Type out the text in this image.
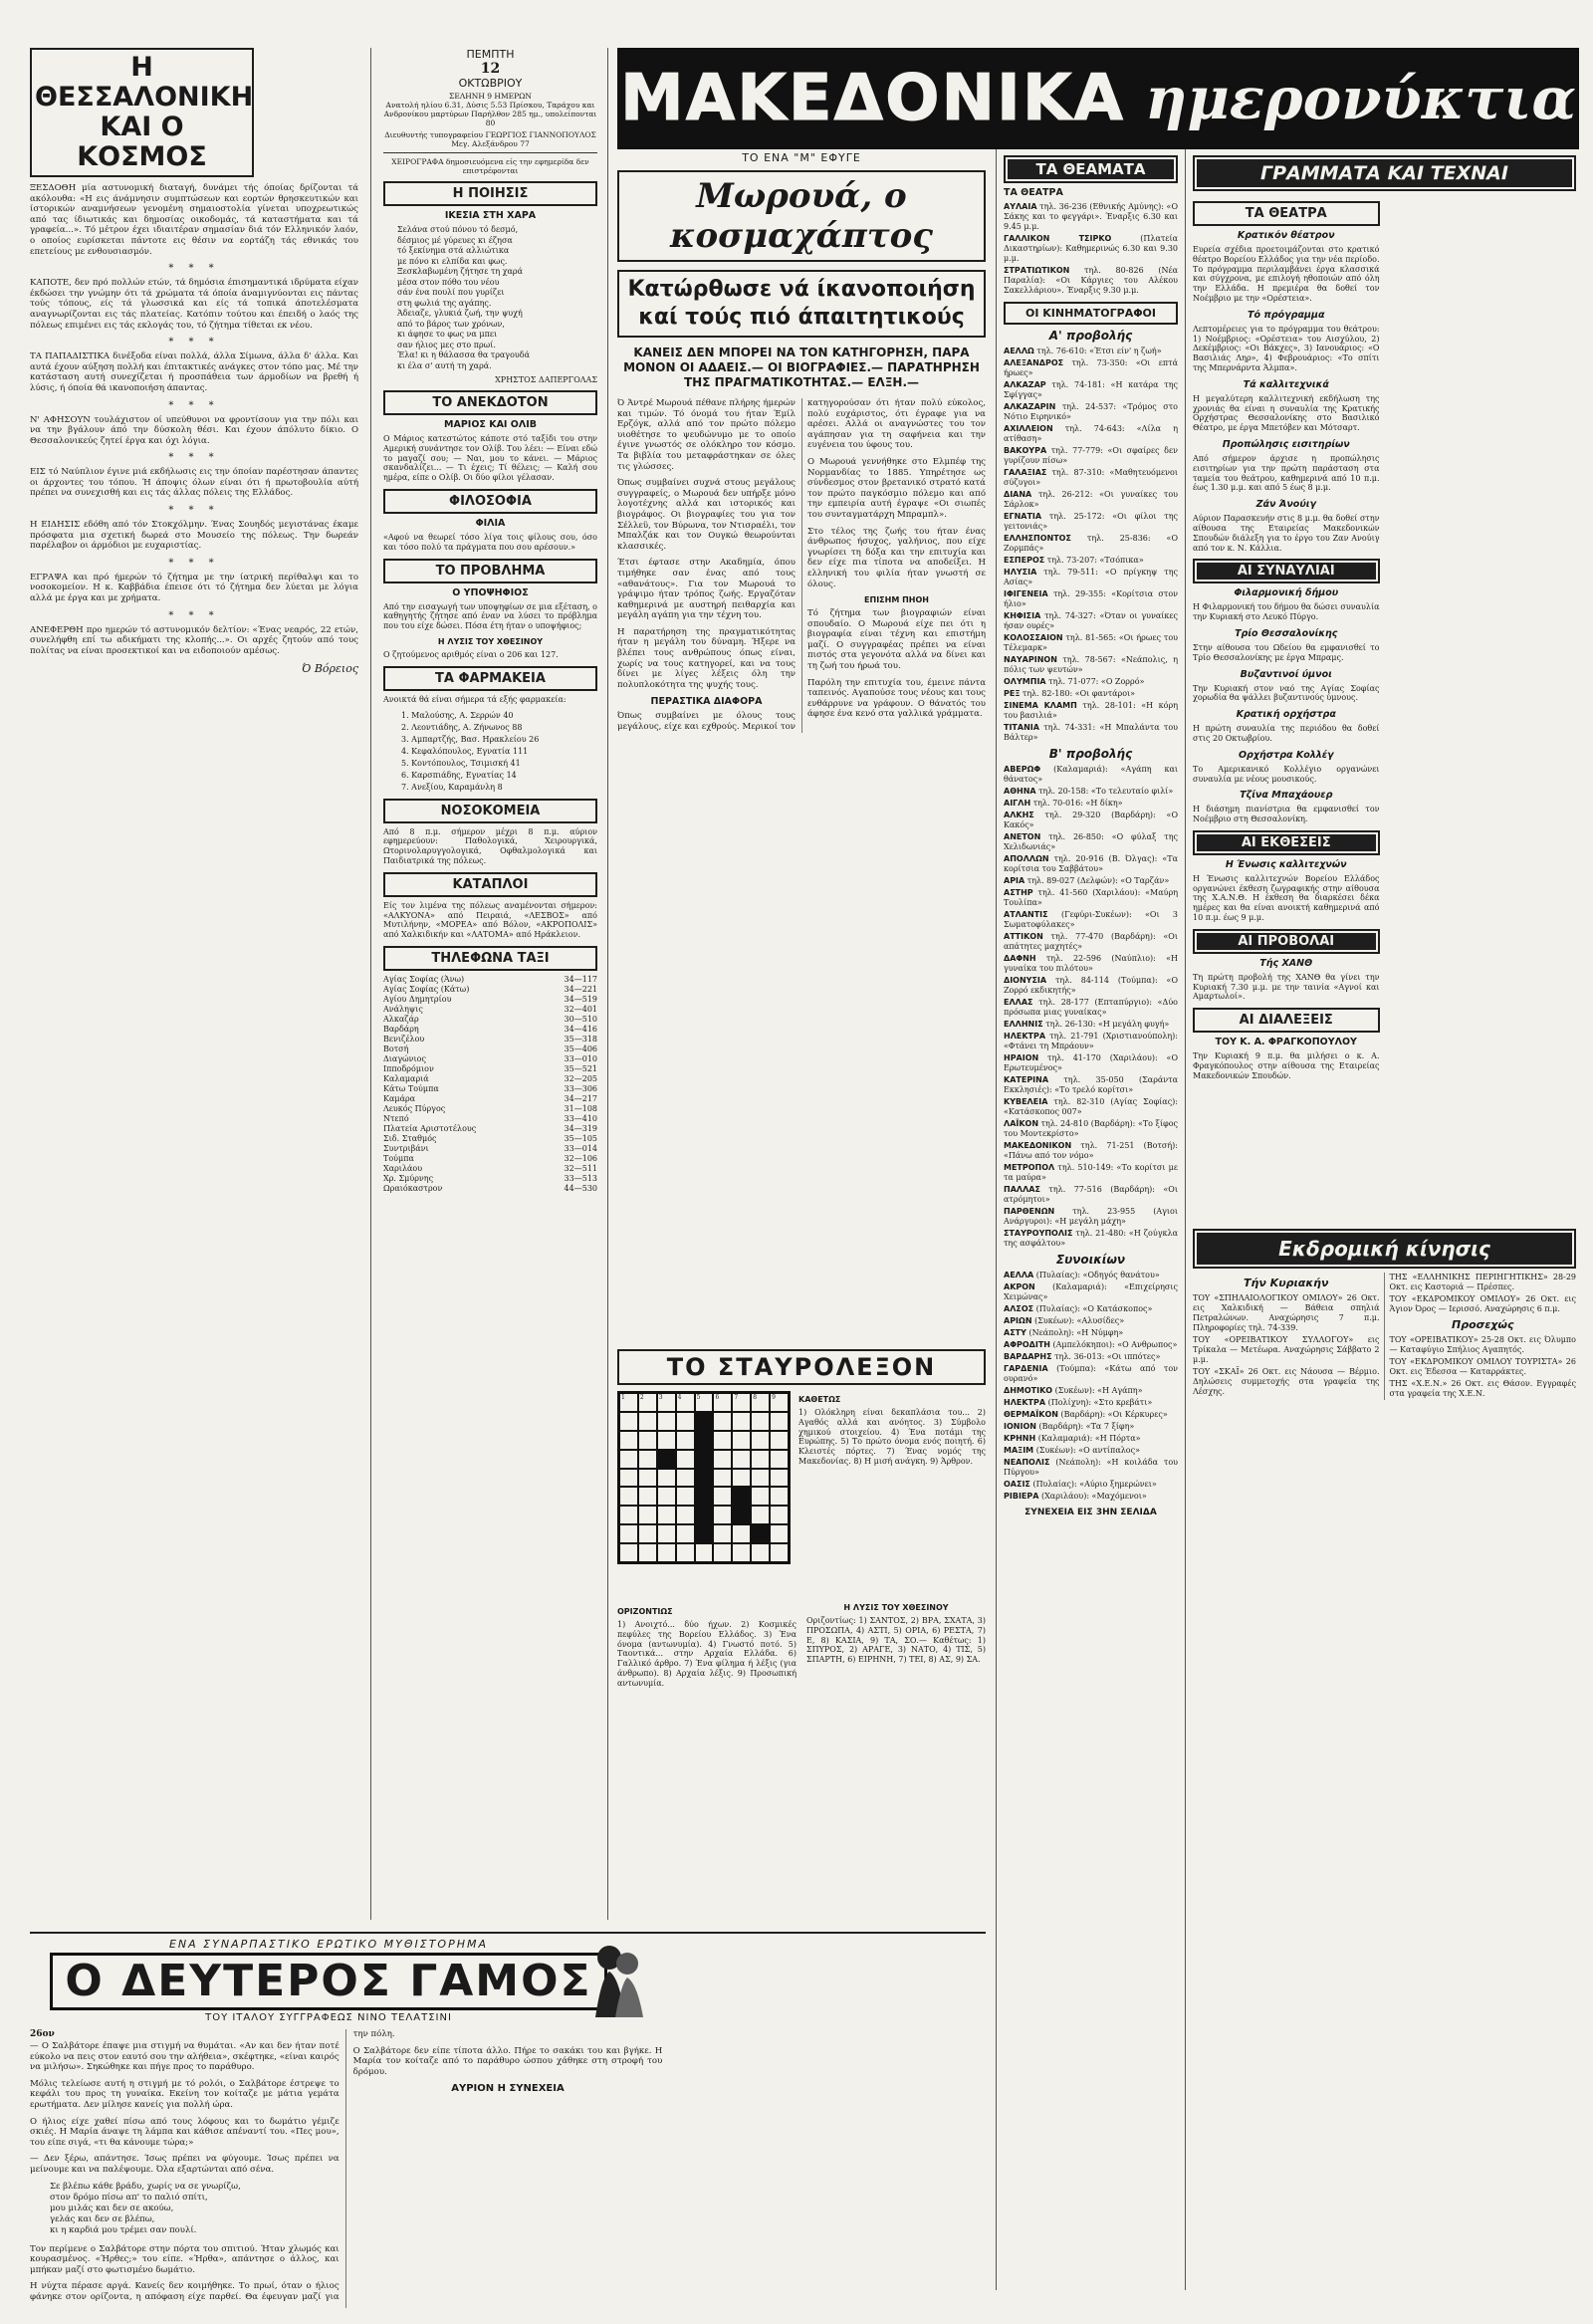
Η ΘΕΣΣΑΛΟΝΙΚΗ
ΚΑΙ Ο ΚΟΣΜΟΣ

ΞΕΣΔΟΘΗ μία αστυνομική διαταγή, δυνάμει τής όποίας δρίζονται τά ακόλουθα: «Η εις άνάμνησιν συμπτώσεων και εορτών θρησκευτικών και ίστορικών αναμνήσεων γενομένη σημαιοστολία γίνεται υποχρεωτικώς από τας ίδιωτικάς και δημοσίας οικοδομάς, τά καταστήματα και τά γραφεία...». Τό μέτρον έχει ιδιαιτέραν σημασίαν διά τόν Ελληνικόν λαόν, ο οποίος ευρίσκεται πάντοτε εις θέσιν να εορτάζη τάς εθνικάς του επετείους με ενθουσιασμόν.

* * *

ΚΑΠΟΤΕ, δεν πρό πολλών ετών, τά δημόσια έπισημαντικά ιδρύματα είχαν έκδώσει την γνώμην ότι τά χρώματα τά όποία άναμιγνύονται εις πάντας τούς τόπους, είς τά γλωσσικά και είς τά τοπικά άποτελέσματα αναγνωρίζονται εις τάς πλατείας. Κατόπιν τούτου και έπειδή ο λαός της πόλεως επιμένει εις τάς εκλογάς του, τό ζήτημα τίθεται εκ νέου.

* * *

ΤΑ ΠΑΠΑΔΙΣΤΙΚΑ δινέξοδα είναι πολλά, άλλα Σίμωνα, άλλα δ' άλλα. Και αυτά έχουν αύξηση πολλή και έπιτακτικές ανάγκες στον τόπο μας. Μέ την κατάσταση αυτή συνεχίζεται ή προσπάθεια των άρμοδίων να βρεθή ή λύσις, ή όποία θά ικανοποιήση άπαντας.

* * *

Ν' ΑΦΗΣΟΥΝ τουλάχιστον οί υπεύθυνοι να φροντίσουν για την πόλι και να την βγάλουν άπό την δύσκολη θέσι. Και έχουν άπόλυτο δίκιο. Ο Θεσσαλονικεύς ζητεί έργα και όχι λόγια.

* * *

ΕΙΣ τό Ναύπλιον έγινε μιά εκδήλωσις εις την όποίαν παρέστησαν άπαντες οι άρχοντες του τόπου. Ή άποψις όλων είναι ότι ή πρωτοβουλία αύτή πρέπει να συνεχισθή και εις τάς άλλας πόλεις της Ελλάδος.

* * *

Η ΕΙΔΗΣΙΣ εδόθη από τόν Στοκχόλμην. Ένας Σουηδός μεγιστάνας έκαμε πρόσφατα μια σχετική δωρεά στο Μουσείο της πόλεως. Την δωρεάν παρέλαβον οι άρμόδιοι με ευχαριστίας.

* * *

ΕΓΡΑΨΑ και πρό ήμερών τό ζήτημα με την ίατρική περίθαλψι και το νοσοκομείον. Η κ. Καββάδια έπεισε ότι τό ζήτημα δεν λύεται με λόγια αλλά με έργα και με χρήματα.

* * *

ΑΝΕΦΕΡΘΗ προ ημερών τό αστυνομικόν δελτίον: «Ένας νεαρός, 22 ετών, συνελήφθη επί τω αδικήματι της κλοπής...». Οι αρχές ζητούν από τους πολίτας να είναι προσεκτικοί και να ειδοποιούν αμέσως.

Ό Βόρειος
ΠΕΜΠΤΗ
12
ΟΚΤΩΒΡΙΟΥ
ΣΕΛΗΝΗ 9 ΗΜΕΡΩΝ
Ανατολή ηλίου 6.31, Δύσις 5.53 Πρίσκου, Ταράχου και Ανδρονίκου μαρτύρων Παρήλθον 285 ημ., υπολείπονται 80
Διευθυντής τυπογραφείου ΓΕΩΡΓΙΟΣ ΓΙΑΝΝΟΠΟΥΛΟΣ Μεγ. Αλεξάνδρου 77
ΧΕΙΡΟΓΡΑΦΑ δημοσιευόμενα είς την εφημερίδα δεν επιστρέφονται
Η ΠΟΙΗΣΙΣ
ΙΚΕΣΙΑ ΣΤΗ ΧΑΡΑ
Σελάνα στού πόνου τό δεσμό,
δέσμιος μέ γύρευες κι έζησα
τό ξεκίνημα στά αλλιώτικα
με πόνο κι ελπίδα και φως.
Ξεσκλαβωμένη ζήτησε τη χαρά
μέσα στον πόθο του νέου
σάν ένα πουλί που γυρίζει
στη φωλιά της αγάπης.
Άδειαζε, γλυκιά ζωή, την ψυχή
από το βάρος των χρόνων,
κι άφησε το φως να μπει
σαν ήλιος μες στο πρωί.
Έλα! κι η θάλασσα θα τραγουδά
κι έλα σ' αυτή τη χαρά.
ΧΡΗΣΤΟΣ ΔΑΠΕΡΓΟΛΑΣ
ΤΟ ΑΝΕΚΔΟΤΟΝ
ΜΑΡΙΟΣ ΚΑΙ ΟΛΙΒ

Ο Μάριος κατεστώτος κάποτε στό ταξίδι του στην Αμερική συνάντησε τον Ολίβ. Του λέει: — Είναι εδώ το μαγαζί σου; — Ναι, μου το κάνει. — Μάριος σκανδαλίζει... — Τι έχεις; Τί θέλεις; — Καλή σου ημέρα, είπε ο Ολίβ. Οι δύο φίλοι γέλασαν.

ΦΙΛΟΣΟΦΙΑ
ΦΙΛΙΑ

«Αφού να θεωρεί τόσο λίγα τοις φίλους σου, όσο και τόσο πολύ τα πράγματα που σου αρέσουν.»

ΤΟ ΠΡΟΒΛΗΜΑ
Ο ΥΠΟΨΗΦΙΟΣ

Από την εισαγωγή των υποψηφίων σε μια εξέταση, ο καθηγητής ζήτησε από έναν να λύσει το πρόβλημα που του είχε δώσει. Πόσα έτη ήταν ο υποψήφιος;

Η ΛΥΣΙΣ ΤΟΥ ΧΘΕΣΙΝΟΥ

Ο ζητούμενος αριθμός είναι ο 206 και 127.

ΤΑ ΦΑΡΜΑΚΕΙΑ

Ανοικτά θά είναι σήμερα τά εξής φαρμακεία:

1. Μαλούσης, Α. Σερρών 40
2. Λεοντιάδης, Α. Ζήνωνος 88
3. Αμπαρτζής, Βασ. Ηρακλείου 26
4. Κεφαλόπουλος, Εγνατία 111
5. Κοντόπουλος, Τσιμισκή 41
6. Καρσπιάδης, Εγνατίας 14
7. Ανεξίου, Καραμάνλη 8
ΝΟΣΟΚΟΜΕΙΑ

Από 8 π.μ. σήμερον μέχρι 8 π.μ. αύριον εφημερεύουν: Παθολογικά, Χειρουργικά, Ωτορινολαρυγγολογικά, Οφθαλμολογικά και Παιδιατρικά της πόλεως.

ΚΑΤΑΠΛΟΙ

Είς τον λιμένα της πόλεως αναμένονται σήμερον: «ΑΛΚΥΟΝΑ» από Πειραιά, «ΛΕΣΒΟΣ» από Μυτιλήνην, «ΜΟΡΕΑ» από Βόλον, «ΑΚΡΟΠΟΛΙΣ» από Χαλκιδικήν και «ΛΑΤΟΜΑ» από Ηράκλειον.

ΤΗΛΕΦΩΝΑ ΤΑΞΙ
Αγίας Σοφίας (Άνω)	34—117
Αγίας Σοφίας (Κάτω)	34—221
Αγίου Δημητρίου	34—519
Ανάληψις	32—401
Αλκαζάρ	30—510
Βαρδάρη	34—416
Βενιζέλου	35—318
Βοτσή	35—406
Διαγώνιος	33—010
Ιπποδρόμιον	35—521
Καλαμαριά	32—205
Κάτω Τούμπα	33—306
Καμάρα	34—217
Λευκός Πύργος	31—108
Ντεπό	33—410
Πλατεία Αριστοτέλους	34—319
Σιδ. Σταθμός	35—105
Συντριβάνι	33—014
Τούμπα	32—106
Χαριλάου	32—511
Χρ. Σμύρνης	33—513
Ωραιόκαστρον	44—530
ΜΑΚΕΔΟΝΙΚΑ ημερονύκτια
ΤΟ ΕΝΑ "Μ" ΕΦΥΓΕ
Μωρουά, ο κοσμαχάπτος
Κατώρθωσε νά ίκανοποιήση
καί τούς πιό άπαιτητικούς
ΚΑΝΕΙΣ ΔΕΝ ΜΠΟΡΕΙ ΝΑ ΤΟΝ ΚΑΤΗΓΟΡΗΣΗ, ΠΑΡΑ ΜΟΝΟΝ ΟΙ ΑΔΑΕΙΣ.— ΟΙ ΒΙΟΓΡΑΦΙΕΣ.— ΠΑΡΑΤΗΡΗΣΗ ΤΗΣ ΠΡΑΓΜΑΤΙΚΟΤΗΤΑΣ.— ΕΛΞΗ.—

Ό Άντρέ Μωρουά πέθανε πλήρης ήμερών και τιμών. Τό όνομά του ήταν Έμίλ Ερζόγκ, αλλά από τον πρώτο πόλεμο υιοθέτησε το ψευδώνυμο με το οποίο έγινε γνωστός σε ολόκληρο τον κόσμο. Τα βιβλία του μεταφράστηκαν σε όλες τις γλώσσες.

Όπως συμβαίνει συχνά στους μεγάλους συγγραφείς, ο Μωρουά δεν υπήρξε μόνο λογοτέχνης αλλά και ιστορικός και βιογράφος. Οι βιογραφίες του για τον Σέλλεϋ, τον Βύρωνα, τον Ντισραέλι, τον Μπαλζάκ και τον Ουγκώ θεωρούνται κλασσικές.

Έτσι έφτασε στην Ακαδημία, όπου τιμήθηκε σαν ένας από τους «αθανάτους». Για τον Μωρουά το γράψιμο ήταν τρόπος ζωής. Εργαζόταν καθημερινά με αυστηρή πειθαρχία και μεγάλη αγάπη για την τέχνη του.

Η παρατήρηση της πραγματικότητας ήταν η μεγάλη του δύναμη. Ήξερε να βλέπει τους ανθρώπους όπως είναι, χωρίς να τους κατηγορεί, και να τους δίνει με λίγες λέξεις όλη την πολυπλοκότητα της ψυχής τους.

ΠΕΡΑΣΤΙΚΑ ΔΙΑΦΟΡΑ

Όπως συμβαίνει με όλους τους μεγάλους, είχε και εχθρούς. Μερικοί τον κατηγορούσαν ότι ήταν πολύ εύκολος, πολύ ευχάριστος, ότι έγραφε για να αρέσει. Αλλά οι αναγνώστες του τον αγάπησαν για τη σαφήνεια και την ευγένεια του ύφους του.

Ο Μωρουά γεννήθηκε στο Ελμπέφ της Νορμανδίας το 1885. Υπηρέτησε ως σύνδεσμος στον βρετανικό στρατό κατά τον πρώτο παγκόσμιο πόλεμο και από την εμπειρία αυτή έγραψε «Οι σιωπές του συνταγματάρχη Μπραμπλ».

Στο τέλος της ζωής του ήταν ένας άνθρωπος ήσυχος, γαλήνιος, που είχε γνωρίσει τη δόξα και την επιτυχία και δεν είχε πια τίποτα να αποδείξει. Η ελληνική του φιλία ήταν γνωστή σε όλους.

ΕΠΙΣΗΜ ΠΗΟΗ

Τό ζήτημα των βιογραφιών είναι σπουδαίο. Ο Μωρουά είχε πει ότι η βιογραφία είναι τέχνη και επιστήμη μαζί. Ο συγγραφέας πρέπει να είναι πιστός στα γεγονότα αλλά να δίνει και τη ζωή του ήρωά του.

Παρόλη την επιτυχία του, έμεινε πάντα ταπεινός. Αγαπούσε τους νέους και τους ενθάρρυνε να γράφουν. Ο θάνατός του άφησε ένα κενό στα γαλλικά γράμματα.

ΤΟ ΣΤΑΥΡΟΛΕΞΟΝ
1	2	3	4	5	6	7	8	9	ΚΑΘΕΤΩΣ

1) Ολόκληρη είναι δεκαπλάσια του... 2) Αγαθός αλλά και ανόητος. 3) Σύμβολο χημικού στοιχείου. 4) Ένα ποτάμι της Ευρώπης. 5) Το πρώτο όνομα ενός ποιητή. 6) Κλειστές πόρτες. 7) Ένας νομός της Μακεδονίας. 8) Η μισή ανάγκη. 9) Άρθρον.

ΟΡΙΖΟΝΤΙΩΣ

1) Ανοιχτό... δύο ήχων. 2) Κοσμικές πεφύλες της Βορείου Ελλάδος. 3) Ένα όνομα (αντωνυμία). 4) Γνωστό ποτό. 5) Ταοντικά... στην Αρχαία Ελλάδα. 6) Γαλλικό άρθρο. 7) Ένα φίλημα ή λέξις (για άνθρωπο). 8) Αρχαία λέξις. 9) Προσωπική αντωνυμία.

Η ΛΥΣΙΣ ΤΟΥ ΧΘΕΣΙΝΟΥ

Οριζοντίως: 1) ΣΑΝΤΟΣ, 2) ΒΡΑ, ΣΧΑΤΑ, 3) ΠΡΟΣΩΠΑ, 4) ΑΣΤΙ, 5) ΟΡΙΑ, 6) ΡΕΣΤΑ, 7) Ε, 8) ΚΑΣΙΑ, 9) ΤΑ, ΣΟ.— Καθέτως: 1) ΣΠΥΡΟΣ, 2) ΑΡΑΓΕ, 3) ΝΑΤΟ, 4) ΤΙΣ, 5) ΣΠΑΡΤΗ, 6) ΕΙΡΗΝΗ, 7) ΤΕΙ, 8) ΑΣ, 9) ΣΑ.

ΤΑ ΘΕΑΜΑΤΑ
ΤΑ ΘΕΑΤΡΑ
ΑΥΛΑΙΑ τηλ. 36-236 (Εθνικής Αμύνης): «Ο Σάκης και το φεγγάρι». Έναρξις 6.30 και 9.45 μ.μ.
ΓΑΛΛΙΚΟΝ ΤΣΙΡΚΟ (Πλατεία Δικαστηρίων): Καθημερινώς 6.30 και 9.30 μ.μ.
ΣΤΡΑΤΙΩΤΙΚΟΝ τηλ. 80-826 (Νέα Παραλία): «Οι Κάργιες του Αλέκου Σακελλάριου». Έναρξις 9.30 μ.μ.
ΟΙ ΚΙΝΗΜΑΤΟΓΡΑΦΟΙ
Α' προβολής
ΑΕΛΛΩ τηλ. 76-610: «Έτσι είν' η ζωή»
ΑΛΕΞΑΝΔΡΟΣ τηλ. 73-350: «Οι επτά ήρωες»
ΑΛΚΑΖΑΡ τηλ. 74-181: «Η κατάρα της Σφίγγας»
ΑΛΚΑΖΑΡΙΝ τηλ. 24-537: «Τρόμος στο Νότιο Ειρηνικό»
ΑΧΙΛΛΕΙΟΝ τηλ. 74-643: «Λίλα η ατίθαση»
ΒΑΚΟΥΡΑ τηλ. 77-779: «Οι σφαίρες δεν γυρίζουν πίσω»
ΓΑΛΑΞΙΑΣ τηλ. 87-310: «Μαθητευόμενοι σύζυγοι»
ΔΙΑΝΑ τηλ. 26-212: «Οι γυναίκες του Σάρλοκ»
ΕΓΝΑΤΙΑ τηλ. 25-172: «Οι φίλοι της γειτονιάς»
ΕΛΛΗΣΠΟΝΤΟΣ τηλ. 25-836: «Ο Ζορμπάς»
ΕΣΠΕΡΟΣ τηλ. 73-207: «Τσόπικα»
ΗΛΥΣΙΑ τηλ. 79-511: «Ο πρίγκηψ της Ασίας»
ΙΦΙΓΕΝΕΙΑ τηλ. 29-355: «Κορίτσια στον ήλιο»
ΚΗΦΙΣΙΑ τηλ. 74-327: «Όταν οι γυναίκες ήσαν ουρές»
ΚΟΛΟΣΣΑΙΟΝ τηλ. 81-565: «Οι ήρωες του Τέλεμαρκ»
ΝΑΥΑΡΙΝΟΝ τηλ. 78-567: «Νεάπολις, η πόλις των ψευτών»
ΟΛΥΜΠΙΑ τηλ. 71-077: «Ο Ζορρό»
ΡΕΞ τηλ. 82-180: «Οι φαντάροι»
ΣΙΝΕΜΑ ΚΛΑΜΠ τηλ. 28-101: «Η κόρη του βασιλιά»
ΤΙΤΑΝΙΑ τηλ. 74-331: «Η Μπαλάντα του Βάλτερ»
Β' προβολής
ΑΒΕΡΩΦ (Καλαμαριά): «Αγάπη και θάνατος»
ΑΘΗΝΑ τηλ. 20-158: «Το τελευταίο φιλί»
ΑΙΓΛΗ τηλ. 70-016: «Η δίκη»
ΑΛΚΗΣ τηλ. 29-320 (Βαρδάρη): «Ο Κακός»
ΑΝΕΤΟΝ τηλ. 26-850: «Ο φύλαξ της Χελιδωνιάς»
ΑΠΟΛΛΩΝ τηλ. 20-916 (Β. Όλγας): «Τα κορίτσια του Σαββάτου»
ΑΡΙΑ τηλ. 89-027 (Δελφών): «Ο Ταρζάν»
ΑΣΤΗΡ τηλ. 41-560 (Χαριλάου): «Μαύρη Τουλίπα»
ΑΤΛΑΝΤΙΣ (Γεφύρι-Συκέων): «Οι 3 Σωματοφύλακες»
ΑΤΤΙΚΟΝ τηλ. 77-470 (Βαρδάρη): «Οι απάτητες μαχητές»
ΔΑΦΝΗ τηλ. 22-596 (Ναύπλιο): «Η γυναίκα του πιλότου»
ΔΙΟΝΥΣΙΑ τηλ. 84-114 (Τούμπα): «Ο Ζορρό εκδικητής»
ΕΛΛΑΣ τηλ. 28-177 (Επταπύργιο): «Δύο πρόσωπα μιας γυναίκας»
ΕΛΛΗΝΙΣ τηλ. 26-130: «Η μεγάλη φυγή»
ΗΛΕΚΤΡΑ τηλ. 21-791 (Χριστιανούπολη): «Φτάνει τη Μπράουν»
ΗΡΑΙΟΝ τηλ. 41-170 (Χαριλάου): «Ο Ερωτευμένος»
ΚΑΤΕΡΙΝΑ τηλ. 35-050 (Σαράντα Εκκλησιές): «Το τρελό κορίτσι»
ΚΥΒΕΛΕΙΑ τηλ. 82-310 (Αγίας Σοφίας): «Κατάσκοπος 007»
ΛΑΪΚΟΝ τηλ. 24-810 (Βαρδάρη): «Το ξίφος του Μοντεκρίστο»
ΜΑΚΕΔΟΝΙΚΟΝ τηλ. 71-251 (Βοτσή): «Πάνω από τον νόμο»
ΜΕΤΡΟΠΟΛ τηλ. 510-149: «Το κορίτσι με τα μαύρα»
ΠΑΛΛΑΣ τηλ. 77-516 (Βαρδάρη): «Οι ατρόμητοι»
ΠΑΡΘΕΝΩΝ τηλ. 23-955 (Αγιοι Ανάργυροι): «Η μεγάλη μάχη»
ΣΤΑΥΡΟΥΠΟΛΙΣ τηλ. 21-480: «Η ζούγκλα της ασφάλτου»
Συνοικίων
ΑΕΛΛΑ (Πυλαίας): «Οδηγός θανάτου»
ΑΚΡΟΝ (Καλαμαριά): «Επιχείρησις Χειμώνας»
ΑΛΣΟΣ (Πυλαίας): «Ο Κατάσκοπος»
ΑΡΙΩΝ (Συκέων): «Αλυσίδες»
ΑΣΤΥ (Νεάπολη): «Η Νύμφη»
ΑΦΡΟΔΙΤΗ (Αμπελόκηποι): «Ο Ανθρωπος»
ΒΑΡΔΑΡΗΣ τηλ. 36-013: «Οι ιππότες»
ΓΑΡΔΕΝΙΑ (Τούμπα): «Κάτω από τον ουρανό»
ΔΗΜΟΤΙΚΟ (Συκέων): «Η Αγάπη»
ΗΛΕΚΤΡΑ (Πολίχνη): «Στο κρεβάτι»
ΘΕΡΜΑΪΚΟΝ (Βαρδάρη): «Οι Κέρκυρες»
ΙΟΝΙΟΝ (Βαρδάρη): «Τα 7 ξίφη»
ΚΡΗΝΗ (Καλαμαριά): «Η Πόρτα»
ΜΑΞΙΜ (Συκέων): «Ο αντίπαλος»
ΝΕΑΠΟΛΙΣ (Νεάπολη): «Η κοιλάδα του Πύργου»
ΟΑΣΙΣ (Πυλαίας): «Αύριο ξημερώνει»
ΡΙΒΙΕΡΑ (Χαριλάου): «Μαχόμενοι»
ΣΥΝΕΧΕΙΑ ΕΙΣ 3ΗΝ ΣΕΛΙΔΑ
ΓΡΑΜΜΑΤΑ ΚΑΙ ΤΕΧΝΑΙ
ΤΑ ΘΕΑΤΡΑ
Κρατικόν θέατρον

Ευρεία σχέδια προετοιμάζονται στο κρατικό θέατρο Βορείου Ελλάδος για την νέα περίοδο. Το πρόγραμμα περιλαμβάνει έργα κλασσικά και σύγχρονα, με επιλογή ηθοποιών από όλη την Ελλάδα. Η πρεμιέρα θα δοθεί τον Νοέμβριο με την «Ορέστεια».

Τό πρόγραμμα

Λεπτομέρειες για το πρόγραμμα του θεάτρου: 1) Νοέμβριος: «Ορέστεια» του Αισχύλου, 2) Δεκέμβριος: «Οι Βάκχες», 3) Ιανουάριος: «Ο Βασιλιάς Ληρ», 4) Φεβρουάριος: «Το σπίτι της Μπερνάρντα Άλμπα».

Τά καλλιτεχνικά

Η μεγαλύτερη καλλιτεχνική εκδήλωση της χρονιάς θα είναι η συναυλία της Κρατικής Ορχήστρας Θεσσαλονίκης στο Βασιλικό Θέατρο, με έργα Μπετόβεν και Μότσαρτ.

Προπώλησις εισιτηρίων

Από σήμερον άρχισε η προπώλησις εισιτηρίων για την πρώτη παράσταση στα ταμεία του θεάτρου, καθημερινά από 10 π.μ. έως 1.30 μ.μ. και από 5 έως 8 μ.μ.

Ζάν Άνούιγ

Αύριον Παρασκευήν στις 8 μ.μ. θα δοθεί στην αίθουσα της Εταιρείας Μακεδονικών Σπουδών διάλεξη για το έργο του Ζαν Ανούιγ από τον κ. Ν. Κάλλια.

ΑΙ ΣΥΝΑΥΛΙΑΙ
Φιλαρμονική δήμου

Η Φιλαρμονική του δήμου θα δώσει συναυλία την Κυριακή στο Λευκό Πύργο.

Τρίο Θεσσαλονίκης

Στην αίθουσα του Ωδείου θα εμφανισθεί το Τρίο Θεσσαλονίκης με έργα Μπραμς.

Βυζαντινοί ύμνοι

Την Κυριακή στον ναό της Αγίας Σοφίας χορωδία θα ψάλλει βυζαντινούς ύμνους.

Κρατική ορχήστρα

Η πρώτη συναυλία της περιόδου θα δοθεί στις 20 Οκτωβρίου.

Ορχήστρα Κολλέγ

Το Αμερικανικό Κολλέγιο οργανώνει συναυλία με νέους μουσικούς.

Τζίνα Μπαχάουερ

Η διάσημη πιανίστρια θα εμφανισθεί τον Νοέμβριο στη Θεσσαλονίκη.

ΑΙ ΕΚΘΕΣΕΙΣ
Η Ένωσις καλλιτεχνών

Η Ένωσις καλλιτεχνών Βορείου Ελλάδος οργανώνει έκθεση ζωγραφικής στην αίθουσα της Χ.Α.Ν.Θ. Η έκθεση θα διαρκέσει δέκα ημέρες και θα είναι ανοικτή καθημερινά από 10 π.μ. έως 9 μ.μ.

ΑΙ ΠΡΟΒΟΛΑΙ
Τής ΧΑΝΘ

Τη πρώτη προβολή της ΧΑΝΘ θα γίνει την Κυριακή 7.30 μ.μ. με την ταινία «Αγνοί και Αμαρτωλοί».

ΑΙ ΔΙΑΛΕΞΕΙΣ
ΤΟΥ Κ. Α. ΦΡΑΓΚΟΠΟΥΛΟΥ

Την Κυριακή 9 π.μ. θα μιλήσει ο κ. Α. Φραγκόπουλος στην αίθουσα της Εταιρείας Μακεδονικών Σπουδών.

Εκδρομική κίνησις
Τήν Κυριακήν
ΤΟΥ «ΣΠΗΛΑΙΟΛΟΓΙΚΟΥ ΟΜΙΛΟΥ» 26 Οκτ. εις Χαλκιδική — Βάθεια σπηλιά Πετραλώνων. Αναχώρησις 7 π.μ. Πληροφορίες τηλ. 74-339.
ΤΟΥ «ΟΡΕΙΒΑΤΙΚΟΥ ΣΥΛΛΟΓΟΥ» εις Τρίκαλα — Μετέωρα. Αναχώρησις Σάββατο 2 μ.μ.
ΤΟΥ «ΣΚΑΪ» 26 Οκτ. εις Νάουσα — Βέρμιο. Δηλώσεις συμμετοχής στα γραφεία της Λέσχης.
ΤΗΣ «ΕΛΛΗΝΙΚΗΣ ΠΕΡΙΗΓΗΤΙΚΗΣ» 28-29 Οκτ. εις Καστοριά — Πρέσπες.
ΤΟΥ «ΕΚΔΡΟΜΙΚΟΥ ΟΜΙΛΟΥ» 26 Οκτ. εις Άγιον Όρος — Ιερισσό. Αναχώρησις 6 π.μ.
Προσεχώς
ΤΟΥ «ΟΡΕΙΒΑΤΙΚΟΥ» 25-28 Οκτ. εις Όλυμπο — Καταφύγιο Σπήλιος Αγαπητός.
ΤΟΥ «ΕΚΔΡΟΜΙΚΟΥ ΟΜΙΛΟΥ ΤΟΥΡΙΣΤΑ» 26 Οκτ. εις Έδεσσα — Καταρράκτες.
ΤΗΣ «Χ.Ε.Ν.» 26 Οκτ. εις Θάσον. Εγγραφές στα γραφεία της Χ.Ε.Ν.
ΕΝΑ ΣΥΝΑΡΠΑΣΤΙΚΟ ΕΡΩΤΙΚΟ ΜΥΘΙΣΤΟΡΗΜΑ
Ο ΔΕΥΤΕΡΟΣ ΓΑΜΟΣ
ΤΟΥ ΙΤΑΛΟΥ ΣΥΓΓΡΑΦΕΩΣ ΝΙΝΟ ΤΕΛΑΤΣΙΝΙ
26ον

— Ο Σαλβάτορε έπαψε μια στιγμή να θυμάται. «Αν και δεν ήταν ποτέ εύκολο να πεις στον εαυτό σου την αλήθεια», σκέφτηκε, «είναι καιρός να μιλήσω». Σηκώθηκε και πήγε προς το παράθυρο.

Μόλις τελείωσε αυτή η στιγμή με τό ρολόι, ο Σαλβάτορε έστρεψε το κεφάλι του προς τη γυναίκα. Εκείνη τον κοίταζε με μάτια γεμάτα ερωτήματα. Δεν μίλησε κανείς για πολλή ώρα.

Ο ήλιος είχε χαθεί πίσω από τους λόφους και το δωμάτιο γέμιζε σκιές. Η Μαρία άναψε τη λάμπα και κάθισε απέναντί του. «Πες μου», του είπε σιγά, «τι θα κάνουμε τώρα;»

— Δεν ξέρω, απάντησε. Ίσως πρέπει να φύγουμε. Ίσως πρέπει να μείνουμε και να παλέψουμε. Όλα εξαρτώνται από σένα.

Σε βλέπω κάθε βράδυ, χωρίς να σε γνωρίζω,
στον δρόμο πίσω απ' το παλιό σπίτι,
μου μιλάς και δεν σε ακούω,
γελάς και δεν σε βλέπω,
κι η καρδιά μου τρέμει σαν πουλί.

Τον περίμενε ο Σαλβάτορε στην πόρτα του σπιτιού. Ήταν χλωμός και κουρασμένος. «Ήρθες;» του είπε. «Ήρθα», απάντησε ο άλλος, και μπήκαν μαζί στο φωτισμένο δωμάτιο.

Η νύχτα πέρασε αργά. Κανείς δεν κοιμήθηκε. Το πρωί, όταν ο ήλιος φάνηκε στον ορίζοντα, η απόφαση είχε παρθεί. Θα έφευγαν μαζί για την πόλη.

Ο Σαλβάτορε δεν είπε τίποτα άλλο. Πήρε το σακάκι του και βγήκε. Η Μαρία τον κοίταζε από το παράθυρο ώσπου χάθηκε στη στροφή του δρόμου.

ΑΥΡΙΟΝ Η ΣΥΝΕΧΕΙΑ
